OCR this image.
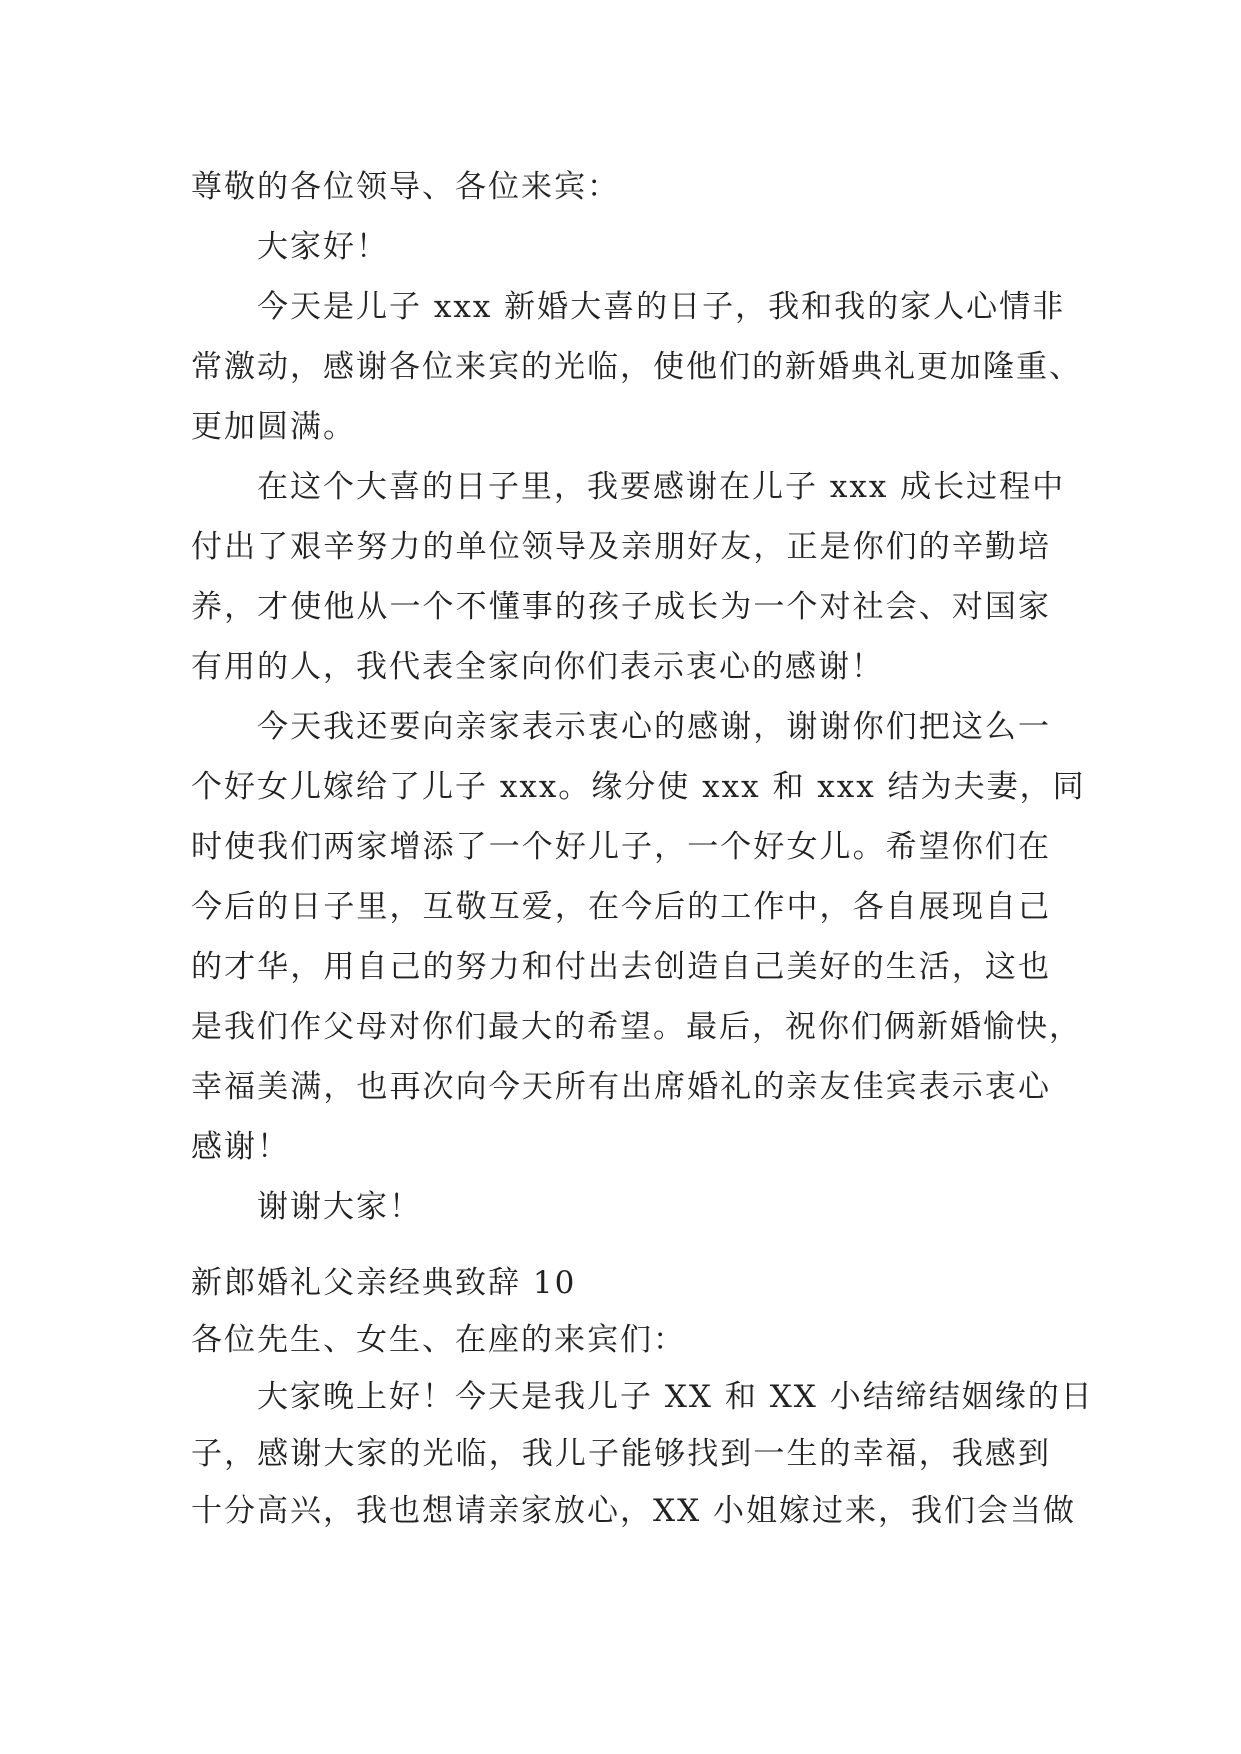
尊敬的各位领导、各位来宾：
大家好！
今天是儿子 xxx 新婚大喜的日子，我和我的家人心情非
常激动，感谢各位来宾的光临，使他们的新婚典礼更加隆重、
更加圆满。
在这个大喜的日子里，我要感谢在儿子 xxx 成长过程中
付出了艰辛努力的单位领导及亲朋好友，正是你们的辛勤培
养，才使他从一个不懂事的孩子成长为一个对社会、对国家
有用的人，我代表全家向你们表示衷心的感谢！
今天我还要向亲家表示衷心的感谢，谢谢你们把这么一
个好女儿嫁给了儿子 xxx。缘分使 xxx 和 xxx 结为夫妻，同
时使我们两家增添了一个好儿子，一个好女儿。希望你们在
今后的日子里，互敬互爱，在今后的工作中，各自展现自己
的才华，用自己的努力和付出去创造自己美好的生活，这也
是我们作父母对你们最大的希望。最后，祝你们俩新婚愉快，
幸福美满，也再次向今天所有出席婚礼的亲友佳宾表示衷心
感谢！
谢谢大家！
新郎婚礼父亲经典致辞 10
各位先生、女生、在座的来宾们：
大家晚上好！今天是我儿子 XX 和 XX 小结缔结姻缘的日
子，感谢大家的光临，我儿子能够找到一生的幸福，我感到
十分高兴，我也想请亲家放心，XX 小姐嫁过来，我们会当做
